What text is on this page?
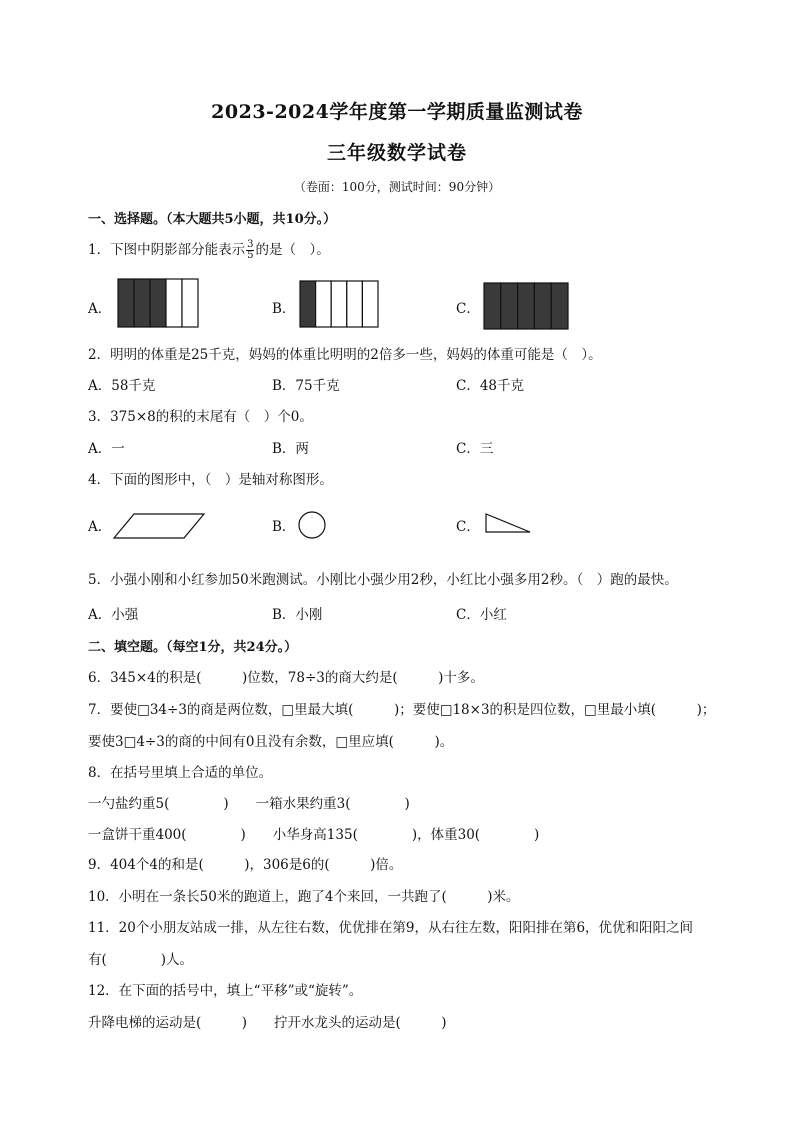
2023-2024学年度第一学期质量监测试卷
三年级数学试卷
（卷面：100分，测试时间：90分钟）
一、选择题。（本大题共5小题，共10分。）
1．下图中阴影部分能表示 $\frac{3}{5}$ 的是（　）。
A．	B．	C．
2．明明的体重是25千克，妈妈的体重比明明的2倍多一些，妈妈的体重可能是（　）。
A．58千克	B．75千克	C．48千克
3．375×8的积的末尾有（　）个0。
A．一	B．两	C．三
4．下面的图形中，（　）是轴对称图形。
A．	B．	C．
5．小强小刚和小红参加50米跑测试。小刚比小强少用2秒，小红比小强多用2秒。（　）跑的最快。
A．小强	B．小刚	C．小红
二、填空题。（每空1分，共24分。）
6．345×4的积是(　　　)位数，78÷3的商大约是(　　　)十多。
7．要使□34÷3的商是两位数，□里最大填(　　　)；要使□18×3的积是四位数，□里最小填(　　　)；
要使3□4÷3的商的中间有0且没有余数，□里应填(　　　)。
8．在括号里填上合适的单位。
一勺盐约重5(　　　　)　　一箱水果约重3(　　　　)
一盒饼干重400(　　　　)　　小华身高135(　　　　)，体重30(　　　　)
9．404个4的和是(　　　)，306是6的(　　　)倍。
10．小明在一条长50米的跑道上，跑了4个来回，一共跑了(　　　)米。
11．20个小朋友站成一排，从左往右数，优优排在第9，从右往左数，阳阳排在第6，优优和阳阳之间
有(　　　　)人。
12．在下面的括号中，填上“平移”或“旋转”。
升降电梯的运动是(　　　)　　拧开水龙头的运动是(　　　)
